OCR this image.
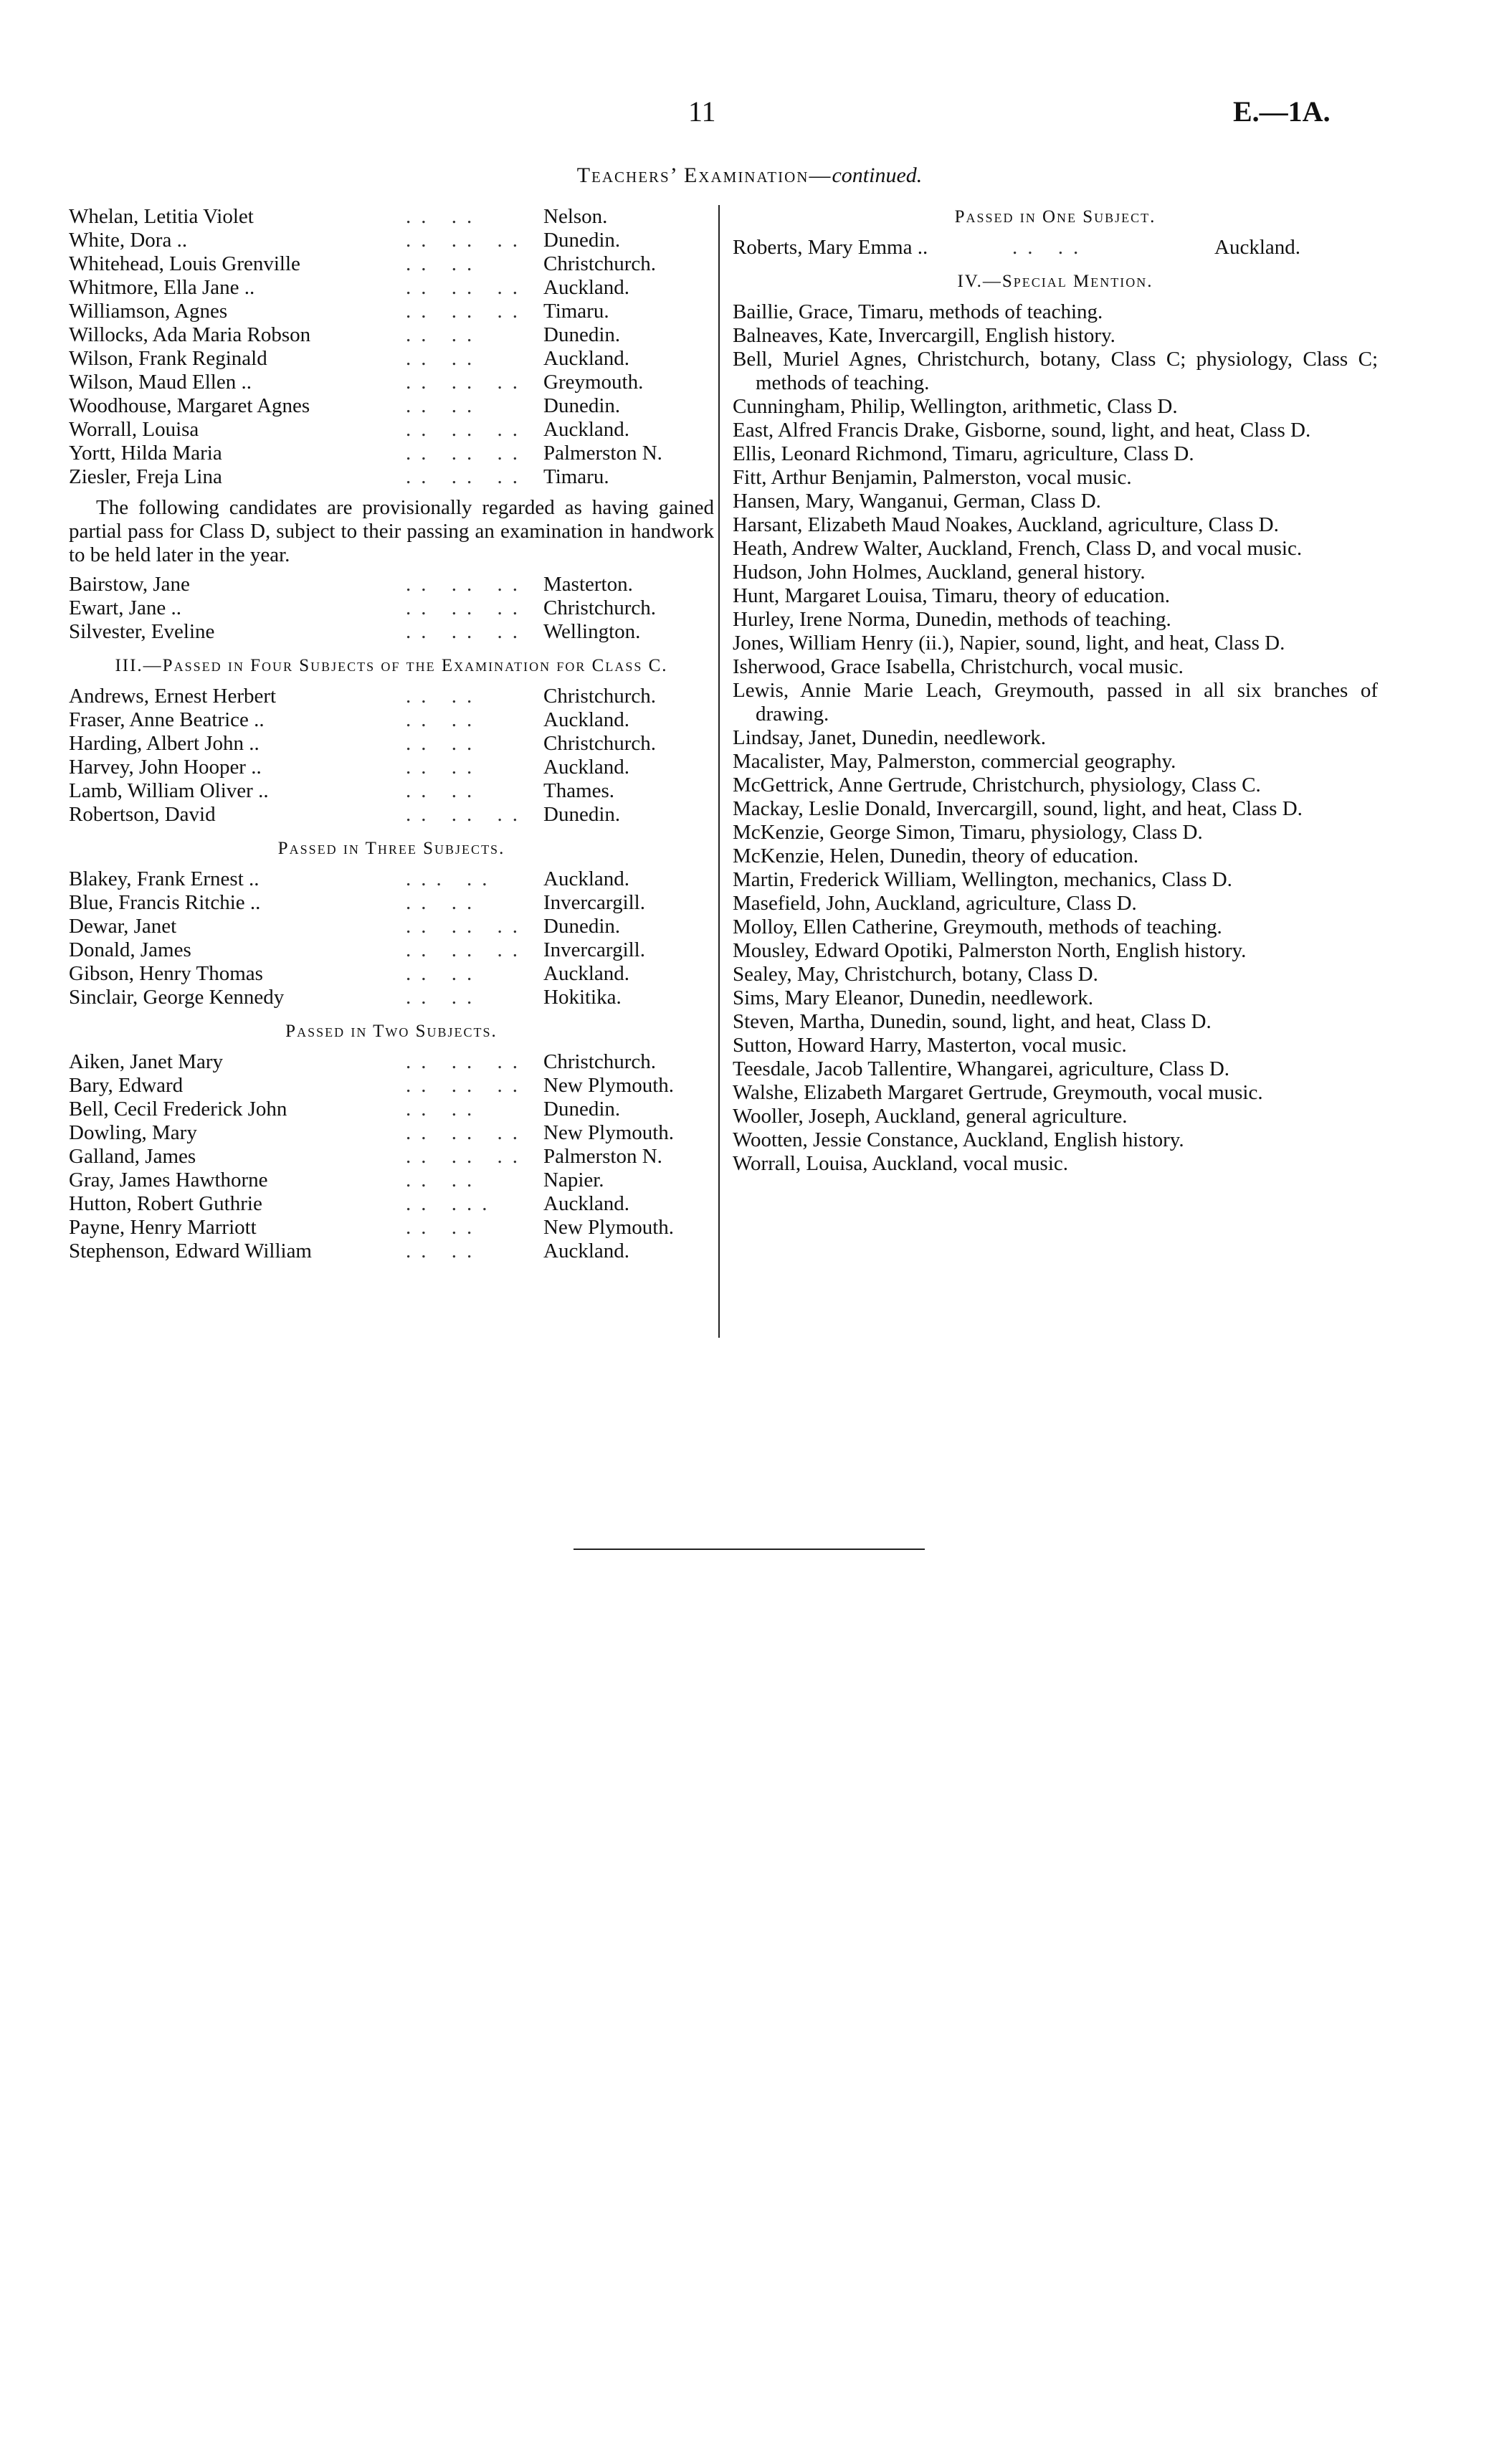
11	E.—1A.
Teachers’ Examination—continued.
Whelan, Letitia Violet	.. ..	Nelson.
White, Dora ..	.. .. .. Dunedin.
Whitehead, Louis Grenville	.. ..	Christchurch.
Whitmore, Ella Jane ..	.. .. .. Auckland.
Williamson, Agnes	.. .. .. Timaru.
Willocks, Ada Maria Robson	.. ..	Dunedin.
Wilson, Frank Reginald	.. ..	Auckland.
Wilson, Maud Ellen ..	.. .. .. Greymouth.
Woodhouse, Margaret Agnes	.. ..	Dunedin.
Worrall, Louisa	.. .. .. Auckland.
Yortt, Hilda Maria	.. .. .. Palmerston N.
Ziesler, Freja Lina	.. .. .. Timaru.
The following candidates are provisionally regarded as having gained partial pass for Class D, subject to their passing an examination in handwork to be held later in the year.
Bairstow, Jane	.. .. .. Masterton.
Ewart, Jane ..	.. .. .. Christchurch.
Silvester, Eveline	.. .. .. Wellington.
III.—Passed in Four Subjects of the Examination for Class C.
Andrews, Ernest Herbert	.. ..	Christchurch.
Fraser, Anne Beatrice ..	.. ..	Auckland.
Harding, Albert John ..	.. ..	Christchurch.
Harvey, John Hooper ..	.. ..	Auckland.
Lamb, William Oliver ..	.. ..	Thames.
Robertson, David	.. .. .. Dunedin.
Passed in Three Subjects.
Blakey, Frank Ernest ..	... .. Auckland.
Blue, Francis Ritchie ..	.. ..	Invercargill.
Dewar, Janet	.. .. .. Dunedin.
Donald, James	.. .. .. Invercargill.
Gibson, Henry Thomas	.. ..	Auckland.
Sinclair, George Kennedy	.. ..	Hokitika.
Passed in Two Subjects.
Aiken, Janet Mary	.. .. .. Christchurch.
Bary, Edward	.. .. .. New Plymouth.
Bell, Cecil Frederick John	.. ..	Dunedin.
Dowling, Mary	.. .. .. New Plymouth.
Galland, James	.. .. .. Palmerston N.
Gray, James Hawthorne	.. ..	Napier.
Hutton, Robert Guthrie	.. ... Auckland.
Payne, Henry Marriott	.. ..	New Plymouth.
Stephenson, Edward William	.. ..	Auckland.
Passed in One Subject.
Roberts, Mary Emma ..	.. ..	Auckland.
IV.—Special Mention.
Baillie, Grace, Timaru, methods of teaching.
Balneaves, Kate, Invercargill, English history.
Bell, Muriel Agnes, Christchurch, botany, Class C; physiology, Class C; methods of teaching.
Cunningham, Philip, Wellington, arithmetic, Class D.
East, Alfred Francis Drake, Gisborne, sound, light, and heat, Class D.
Ellis, Leonard Richmond, Timaru, agriculture, Class D.
Fitt, Arthur Benjamin, Palmerston, vocal music.
Hansen, Mary, Wanganui, German, Class D.
Harsant, Elizabeth Maud Noakes, Auckland, agriculture, Class D.
Heath, Andrew Walter, Auckland, French, Class D, and vocal music.
Hudson, John Holmes, Auckland, general history.
Hunt, Margaret Louisa, Timaru, theory of education.
Hurley, Irene Norma, Dunedin, methods of teaching.
Jones, William Henry (ii.), Napier, sound, light, and heat, Class D.
Isherwood, Grace Isabella, Christchurch, vocal music.
Lewis, Annie Marie Leach, Greymouth, passed in all six branches of drawing.
Lindsay, Janet, Dunedin, needlework.
Macalister, May, Palmerston, commercial geography.
McGettrick, Anne Gertrude, Christchurch, physiology, Class C.
Mackay, Leslie Donald, Invercargill, sound, light, and heat, Class D.
McKenzie, George Simon, Timaru, physiology, Class D.
McKenzie, Helen, Dunedin, theory of education.
Martin, Frederick William, Wellington, mechanics, Class D.
Masefield, John, Auckland, agriculture, Class D.
Molloy, Ellen Catherine, Greymouth, methods of teaching.
Mousley, Edward Opotiki, Palmerston North, English history.
Sealey, May, Christchurch, botany, Class D.
Sims, Mary Eleanor, Dunedin, needlework.
Steven, Martha, Dunedin, sound, light, and heat, Class D.
Sutton, Howard Harry, Masterton, vocal music.
Teesdale, Jacob Tallentire, Whangarei, agriculture, Class D.
Walshe, Elizabeth Margaret Gertrude, Greymouth, vocal music.
Wooller, Joseph, Auckland, general agriculture.
Wootten, Jessie Constance, Auckland, English history.
Worrall, Louisa, Auckland, vocal music.
